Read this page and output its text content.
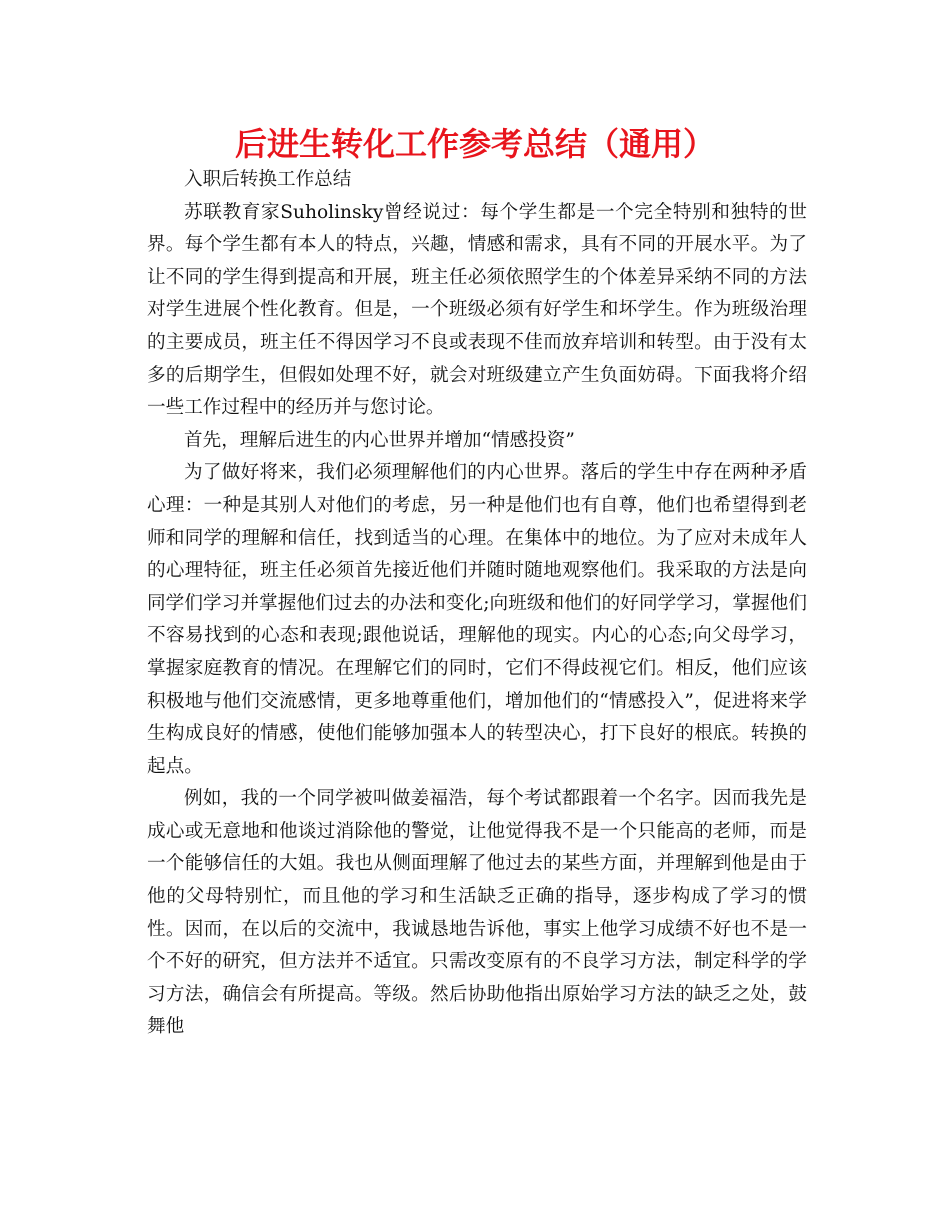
后进生转化工作参考总结（通用）

入职后转换工作总结

苏联教育家Suholinsky曾经说过：每个学生都是一个完全特别和独特的世界。每个学生都有本人的特点，兴趣，情感和需求，具有不同的开展水平。为了让不同的学生得到提高和开展，班主任必须依照学生的个体差异采纳不同的方法对学生进展个性化教育。但是，一个班级必须有好学生和坏学生。作为班级治理的主要成员，班主任不得因学习不良或表现不佳而放弃培训和转型。由于没有太多的后期学生，但假如处理不好，就会对班级建立产生负面妨碍。下面我将介绍一些工作过程中的经历并与您讨论。

首先，理解后进生的内心世界并增加“情感投资”

为了做好将来，我们必须理解他们的内心世界。落后的学生中存在两种矛盾心理：一种是其别人对他们的考虑，另一种是他们也有自尊，他们也希望得到老师和同学的理解和信任，找到适当的心理。在集体中的地位。为了应对未成年人的心理特征，班主任必须首先接近他们并随时随地观察他们。我采取的方法是向同学们学习并掌握他们过去的办法和变化;向班级和他们的好同学学习，掌握他们不容易找到的心态和表现;跟他说话，理解他的现实。内心的心态;向父母学习，掌握家庭教育的情况。在理解它们的同时，它们不得歧视它们。相反，他们应该积极地与他们交流感情，更多地尊重他们，增加他们的“情感投入”，促进将来学生构成良好的情感，使他们能够加强本人的转型决心，打下良好的根底。转换的起点。

例如，我的一个同学被叫做姜福浩，每个考试都跟着一个名字。因而我先是成心或无意地和他谈过消除他的警觉，让他觉得我不是一个只能高的老师，而是一个能够信任的大姐。我也从侧面理解了他过去的某些方面，并理解到他是由于他的父母特别忙，而且他的学习和生活缺乏正确的指导，逐步构成了学习的惯性。因而，在以后的交流中，我诚恳地告诉他，事实上他学习成绩不好也不是一个不好的研究，但方法并不适宜。只需改变原有的不良学习方法，制定科学的学习方法，确信会有所提高。等级。然后协助他指出原始学习方法的缺乏之处，鼓舞他
